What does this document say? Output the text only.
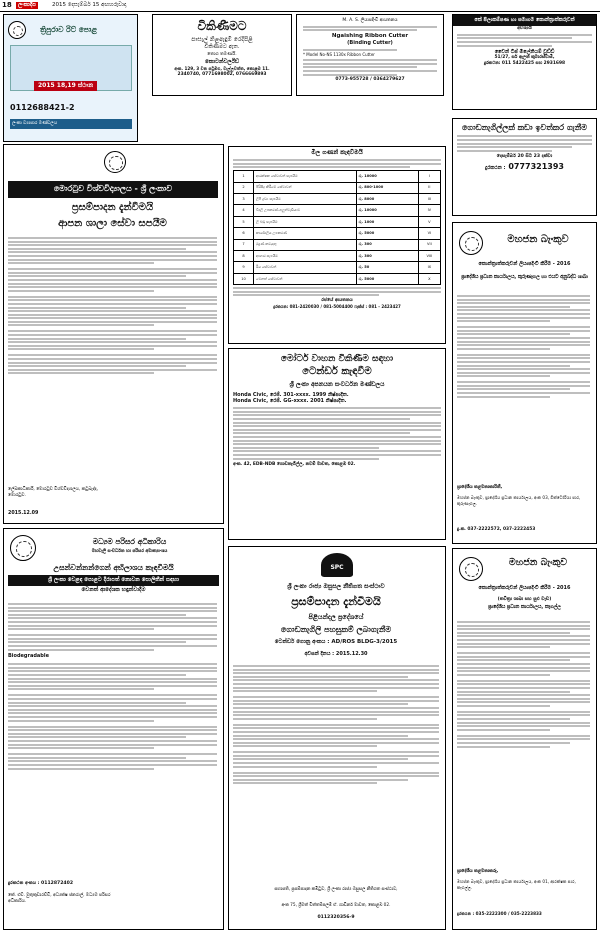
18	ලංකාදීප	2015 දෙසැම්බර් 15 අඟහරුවාදා
ත්‍රිපුරාව රිට් පොළ
2015 18,19 ස්ථාන
0112688421-2
ලංකා ව්‍යාපාර මණ්ඩලය
විකිණීමට
පාසැල් නිළඇඳුම් රෙදිපිළි
විකිණීමට ඇත.
තොග තමණයි.
කොටන්වර්ල්ඩ්
අංක. 129, 3 වන පටුමග, වැල්ලවත්ත, කොළඹ 11.
2340740, 0771698002, 0766669893
M. A. S. ලියාපදිංචි ආයතනය
Ngaishing Ribbon Cutter
(Binding Cutter)
* Model No-NS 1130x Ribbon Cutter
0773-955728 / 0364279627
කේ පීලාකම්පණ හා සමාගම කොන්ත්‍රාත්කරුවන්
අවශ්‍යයි
වෛන් ටිප් මිලේනියම් වුඩ්ඩ්
51/27, සර් ඇලන් කුමාරස්වාමි,
දුරකථන: 011 5422425 සහ 2931698
මොරටුව විශ්වවිද්‍යාලය - ශ්‍රී ලංකාව
ප්‍රසම්පාදන දැන්වීමයි
ආපන ශාලා සේවා සපයීම
ලේඛකාධිකාරී, මොරටුව විශ්වවිද්‍යාලය, කටුබැද්ද, මොරටුව.
2015.12.09
මිල ගණන් කැඳවීමයි
1	ආරක්ෂක සේවාවන් සැපයීම	රු. 10000	I
2	පිරිසිදු කිරීමේ සේවාවන්	රු. 800-1000	II
3	ලිපි ද්‍රව්‍ය සැපයීම	රු. 8000	III
4	විදුලි උපකරණ අලුත්වැඩියාව	රු. 10000	IV
5	ලී බඩු සැපයීම	රු. 1000	V
6	කාර්යාලීය උපකරණ	රු. 5000	VI
7	මුද්‍රණ කටයුතු	රු. 300	VII
8	ආහාර සැපයීම	රු. 300	VIII
9	රිය සේවාවන්	රු. 50	IX
10	වෙනත් සේවාවන්	රු. 5000	X
රජයේ ආයතනය
දුරකථන: 081-2420030 / 081-5004400 ෆැක්ස් : 081 - 2423427
ගොඩනැගිල්ලක් කඩා ඉවත්කර ගැනීම
දෙසැම්බර් 20 සිට 23 දක්වා
දුරකථන : 0777321393
මහජන බැංකුව
කොන්ත්‍රාත්කරුවන් ලියාපදිංචි කිරීම - 2016
ප්‍රාදේශීය ප්‍රධාන කාර්යාලය, කුරුණෑගල හා එයට අනුබද්ධ ශාඛා
ප්‍රාදේශීය කළමනාකාරිනී,
මහජන බැංකුව, ප්‍රාදේශීය ප්‍රධාන කාර්යාලය, අංක 03, වික්ටෝරියා පාර, කුරුණෑගල.
දු.ක. 037-2222572, 037-2222453
මෝටර් වාහන විකිණීම සඳහා
ටෙන්ඩර් කැඳවීම
ශ්‍රී ලංකා අපනයන සංවර්ධන මණ්ඩලය
Honda Civic, රෙජි. 301-xxxx. 1999 නිෂ්පාදිත.
Honda Civic, රෙජි. GG-xxxx. 2001 නිෂ්පාදිත.
අංක. 42, EDB-NDB ගොඩනැගිල්ල, නවම් මාවත, කොළඹ 02.
මධ්‍යම පරිසර අධිකාරිය
මහවැලි සංවර්ධන හා පරිසර අමාත්‍යාංශය
උසන්වන්නන්ගෙන් අභිලාශය කැඳවීමයි
ශ්‍රී ලංකා වෙළඳ පොළට දිරාපත් නොවන පොලිතීන් සඳහා
වෙනත් ආදේශක හඳුන්වාදීම
Biodegradable
දුරකථන අංකය : 0112872402
කේ. එච්. මුතුකුඩාරච්චි, අධ්‍යක්ෂ ජනරාල්, මධ්‍යම පරිසර අධිකාරිය.
SPC
ශ්‍රී ලංකා රාජ්‍ය ඔසුසල නීතිගත සංස්ථාව
ප්‍රසම්පාදන දැන්වීමයි
පිළියන්දල ප්‍රදේශයේ
ගොඩනැගිලි පහසුකම් ලබාගැනීම
ටෙන්ඩර් ගොනු අංකය : AD/ROS BLDG-3/2015
අවසන් දිනය : 2015.12.30
සභාපති, ප්‍රසම්පාදන කමිටුව, ශ්‍රී ලංකා රාජ්‍ය ඔසුසල නීතිගත සංස්ථාව,
අංක 75, ශ්‍රීමත් චිත්තම්පලම් ඒ. ගාඩිනර් මාවත, කොළඹ 02.
0112320356-9
මහජන බැංකුව
කොන්ත්‍රාත්කරුවන් ලියාපදිංචි කිරීම - 2016
(තවිත්‍රා ශාඛා සහ සුළු වැඩ)
ප්‍රාදේශීය ප්‍රධාන කාර්යාලය, කෑගල්ල
ප්‍රාදේශීය කළමනාකරු,
මහජන බැංකුව, ප්‍රාදේශීය ප්‍රධාන කාර්යාලය, අංක 01, ආරක්ෂක පාර, කෑගල්ල.
දුරකථන : 035-2222300 / 035-2223833
